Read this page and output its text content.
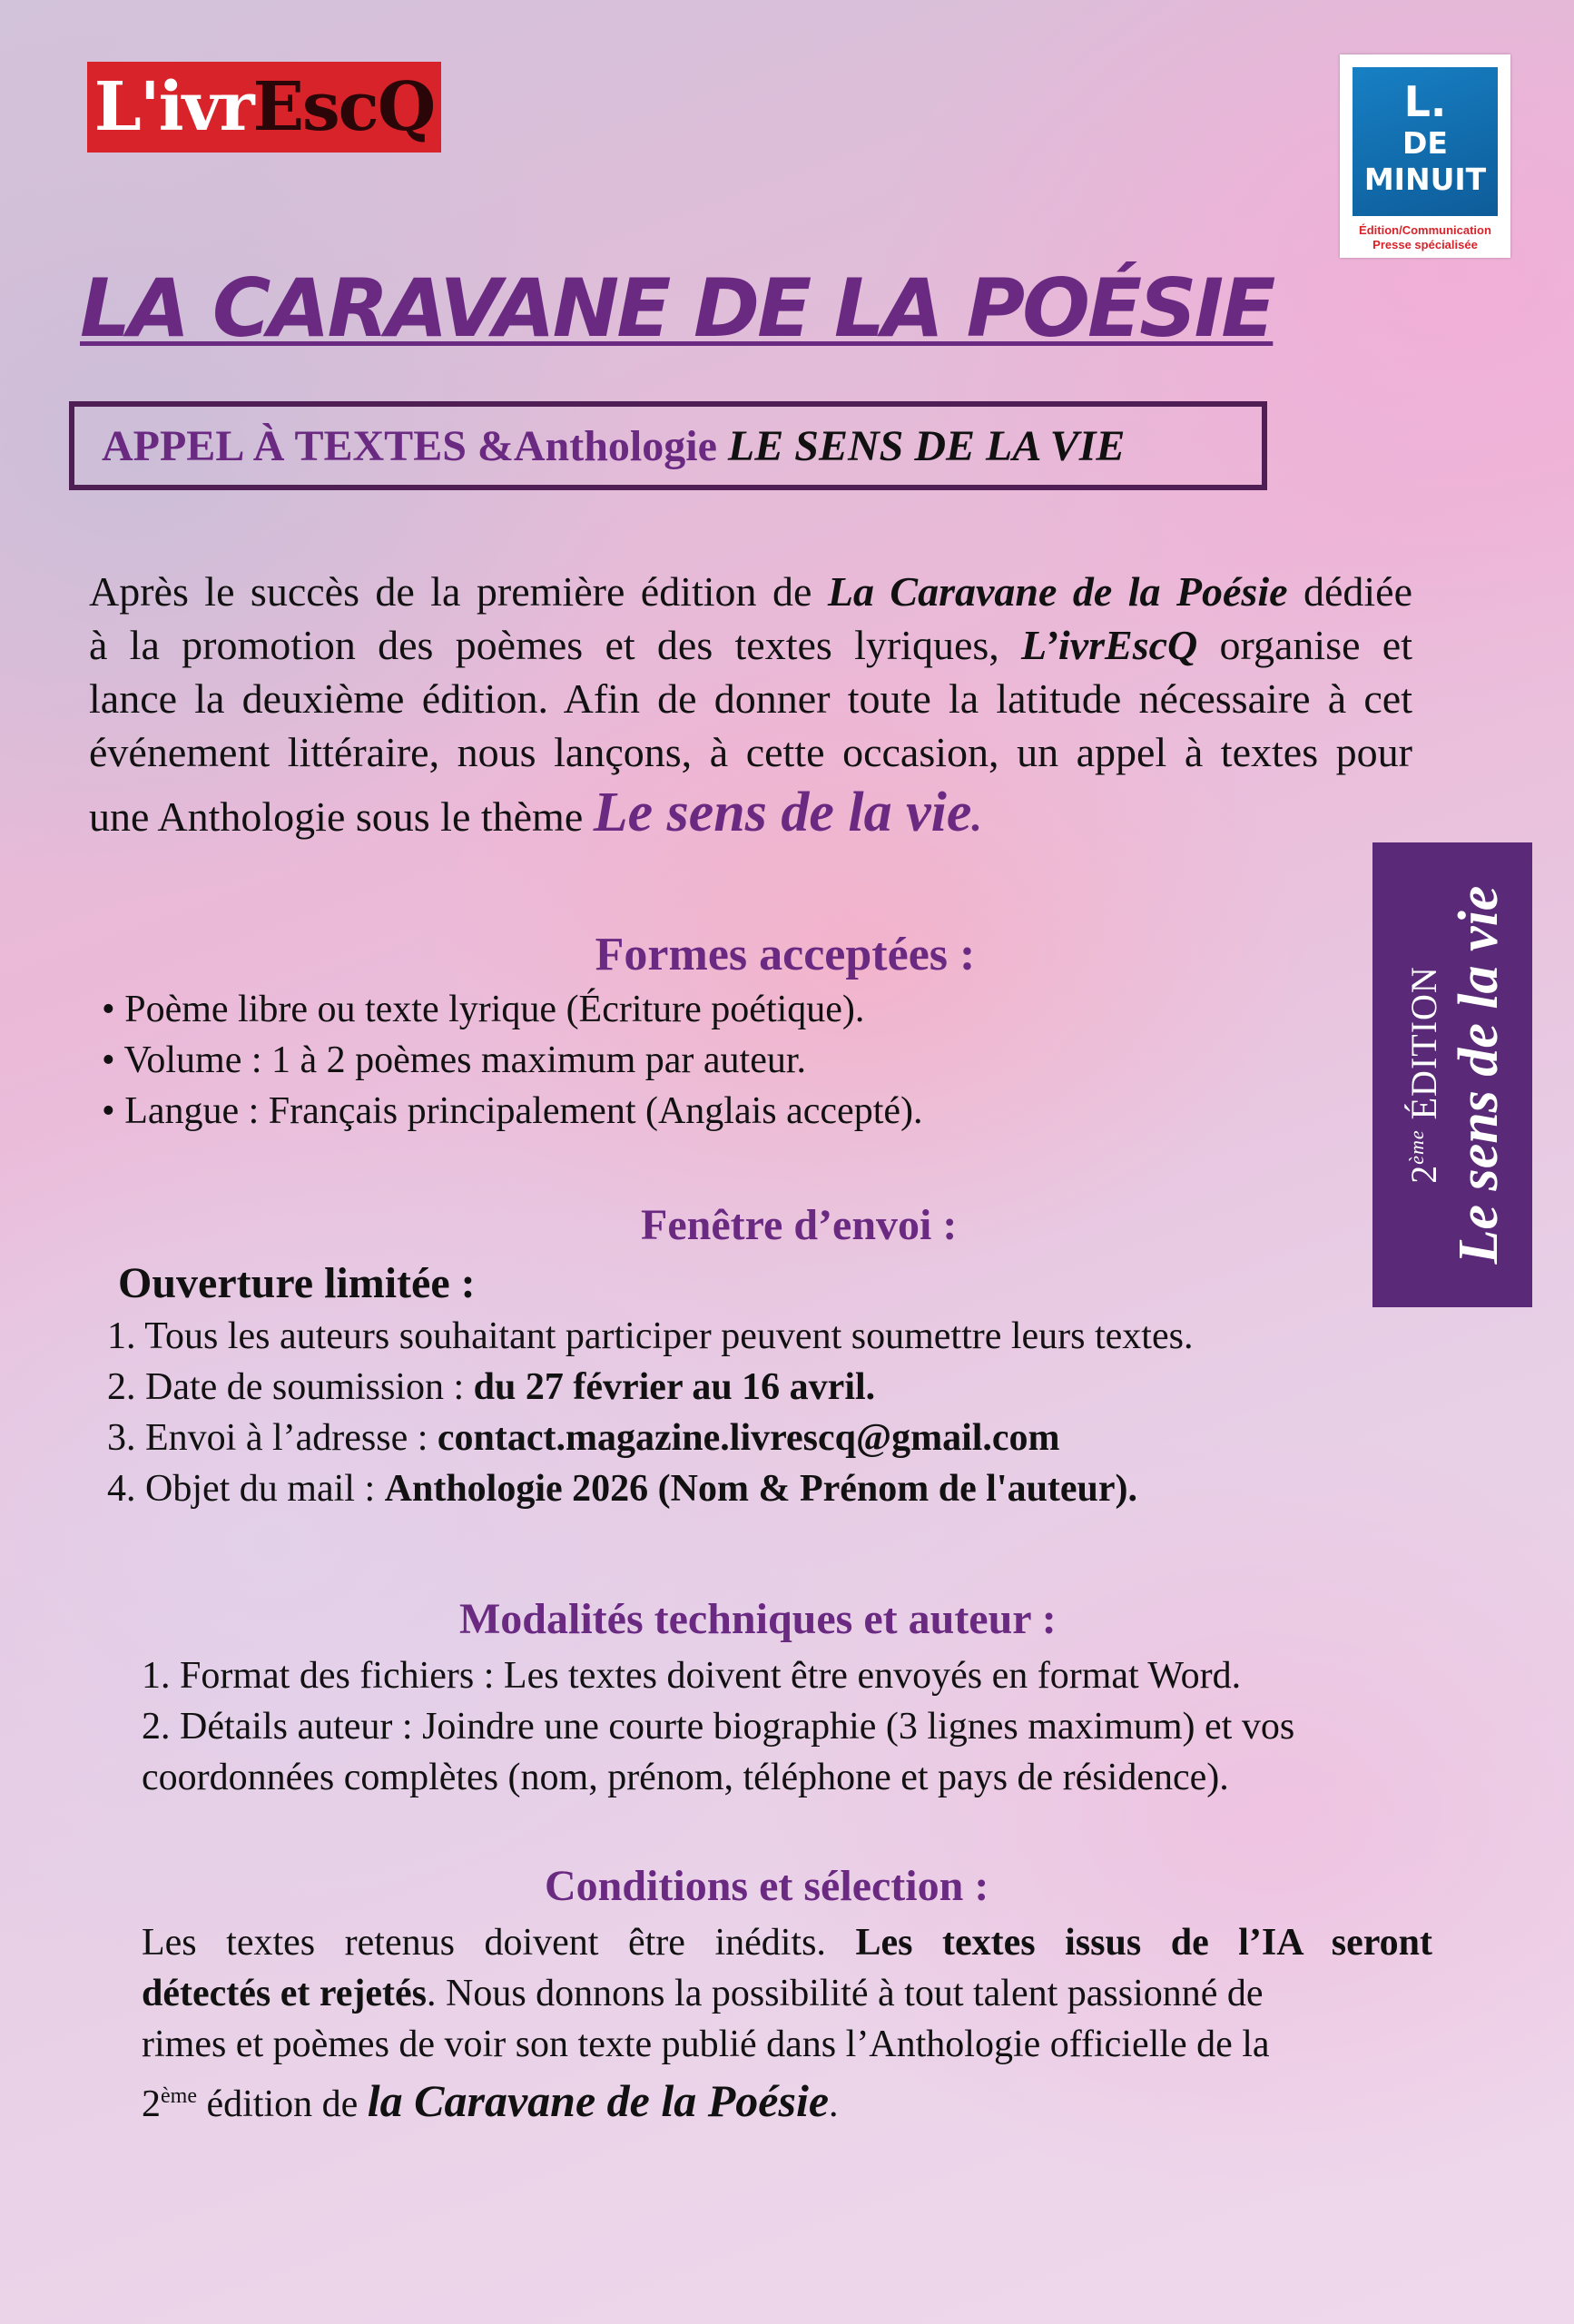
L'ivr EscQ	L.
DE
MINUIT
Édition/Communication
Presse spécialisée
LA CARAVANE DE LA POÉSIE
APPEL À TEXTES &Anthologie
LE SENS DE LA VIE
Après le succès de la première édition de La Caravane de la Poésie dédiée
à la promotion des poèmes et des textes lyriques, L’ivrEscQ organise et
lance la deuxième édition. Afin de donner toute la latitude nécessaire à cet
événement littéraire, nous lançons, à cette occasion, un appel à textes pour
une Anthologie sous le thème Le sens de la vie.
Formes acceptées :
• Poème libre ou texte lyrique (Écriture poétique).
• Volume : 1 à 2 poèmes maximum par auteur.
• Langue : Français principalement (Anglais accepté).
2ème ÉDITION Le sens de la vie
Fenêtre d’envoi :
Ouverture limitée :
1. Tous les auteurs souhaitant participer peuvent soumettre leurs textes.
2. Date de soumission : du 27 février au 16 avril.
3. Envoi à l’adresse : contact.magazine.livrescq@gmail.com
4. Objet du mail : Anthologie 2026 (Nom & Prénom de l'auteur).
Modalités techniques et auteur :
1. Format des fichiers : Les textes doivent être envoyés en format Word.
2. Détails auteur : Joindre une courte biographie (3 lignes maximum) et vos
coordonnées complètes (nom, prénom, téléphone et pays de résidence).
Conditions et sélection :
Les textes retenus doivent être inédits. Les textes issus de l’IA seront
détectés et rejetés. Nous donnons la possibilité à tout talent passionné de
rimes et poèmes de voir son texte publié dans l’Anthologie officielle de la
2ème édition de la Caravane de la Poésie.
